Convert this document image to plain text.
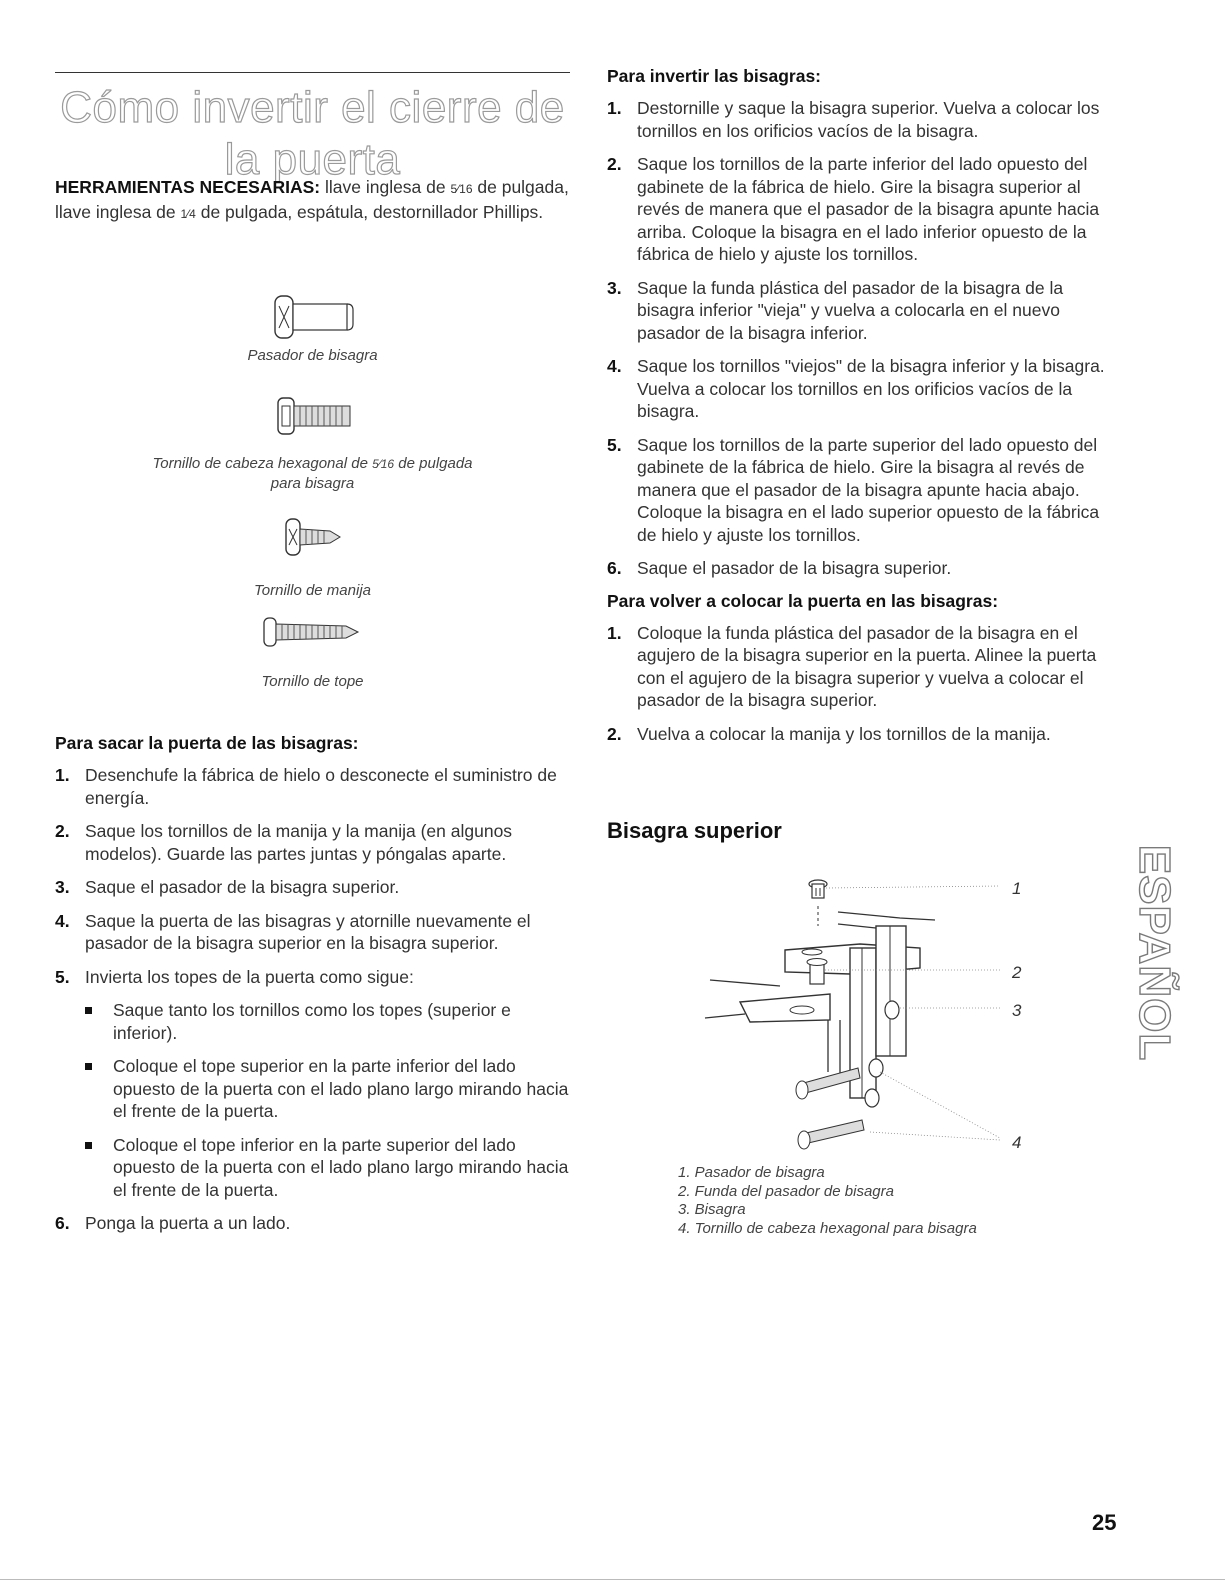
Cómo invertir el cierre de la puerta
HERRAMIENTAS NECESARIAS: llave inglesa de 5⁄16 de pulgada, llave inglesa de 1⁄4 de pulgada, espátula, destornillador Phillips.
Pasador de bisagra
Tornillo de cabeza hexagonal de 5⁄16 de pulgada
para bisagra
Tornillo de manija
Tornillo de tope
Para sacar la puerta de las bisagras:
1. Desenchufe la fábrica de hielo o desconecte el suministro de energía.
2. Saque los tornillos de la manija y la manija (en algunos modelos). Guarde las partes juntas y póngalas aparte.
3. Saque el pasador de la bisagra superior.
4. Saque la puerta de las bisagras y atornille nuevamente el pasador de la bisagra superior en la bisagra superior.
5. Invierta los topes de la puerta como sigue:
Saque tanto los tornillos como los topes (superior e inferior).
Coloque el tope superior en la parte inferior del lado opuesto de la puerta con el lado plano largo mirando hacia el frente de la puerta.
Coloque el tope inferior en la parte superior del lado opuesto de la puerta con el lado plano largo mirando hacia el frente de la puerta.
6. Ponga la puerta a un lado.
Para invertir las bisagras:
1. Destornille y saque la bisagra superior. Vuelva a colocar los tornillos en los orificios vacíos de la bisagra.
2. Saque los tornillos de la parte inferior del lado opuesto del gabinete de la fábrica de hielo. Gire la bisagra superior al revés de manera que el pasador de la bisagra apunte hacia arriba. Coloque la bisagra en el lado inferior opuesto de la fábrica de hielo y ajuste los tornillos.
3. Saque la funda plástica del pasador de la bisagra de la bisagra inferior "vieja" y vuelva a colocarla en el nuevo pasador de la bisagra inferior.
4. Saque los tornillos "viejos" de la bisagra inferior y la bisagra. Vuelva a colocar los tornillos en los orificios vacíos de la bisagra.
5. Saque los tornillos de la parte superior del lado opuesto del gabinete de la fábrica de hielo. Gire la bisagra al revés de manera que el pasador de la bisagra apunte hacia abajo. Coloque la bisagra en el lado superior opuesto de la fábrica de hielo y ajuste los tornillos.
6. Saque el pasador de la bisagra superior.
Para volver a colocar la puerta en las bisagras:
1. Coloque la funda plástica del pasador de la bisagra en el agujero de la bisagra superior en la puerta. Alinee la puerta con el agujero de la bisagra superior y vuelva a colocar el pasador de la bisagra superior.
2. Vuelva a colocar la manija y los tornillos de la manija.
Bisagra superior
1
2
3
4
1. Pasador de bisagra
2. Funda del pasador de bisagra
3. Bisagra
4. Tornillo de cabeza hexagonal para bisagra
ESPAÑOL
25
